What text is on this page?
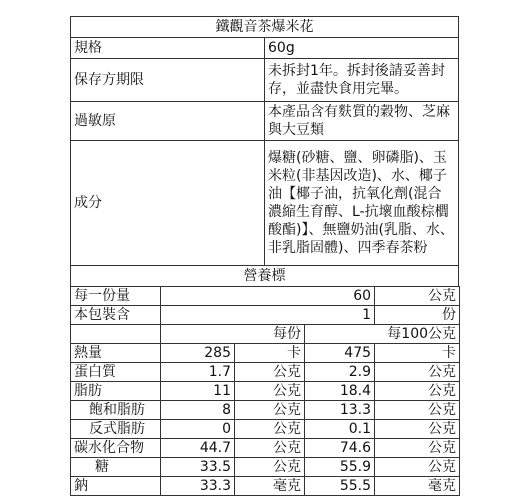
鐵觀音茶爆米花	
規格	60g
保存方期限	未拆封1年。拆封後請妥善封存，並盡快食用完畢。
過敏原	本產品含有麩質的穀物、芝麻與大豆類
成分	爆糖(砂糖、鹽、卵磷脂)、玉米粒(非基因改造)、水、椰子油【椰子油，抗氧化劑(混合濃縮生育醇、L-抗壞血酸棕櫚酸酯)】、無鹽奶油(乳脂、水、非乳脂固體)、四季春茶粉
營養標	
每一份量	60			公克
本包裝含	1			份
	每份		每100公克	
熱量	285	卡	475	卡
蛋白質	1.7	公克	2.9	公克
脂肪	11	公克	18.4	公克
飽和脂肪	8	公克	13.3	公克
反式脂肪	0	公克	0.1	公克
碳水化合物	44.7	公克	74.6	公克
糖	33.5	公克	55.9	公克
鈉	33.3	毫克	55.5	毫克
